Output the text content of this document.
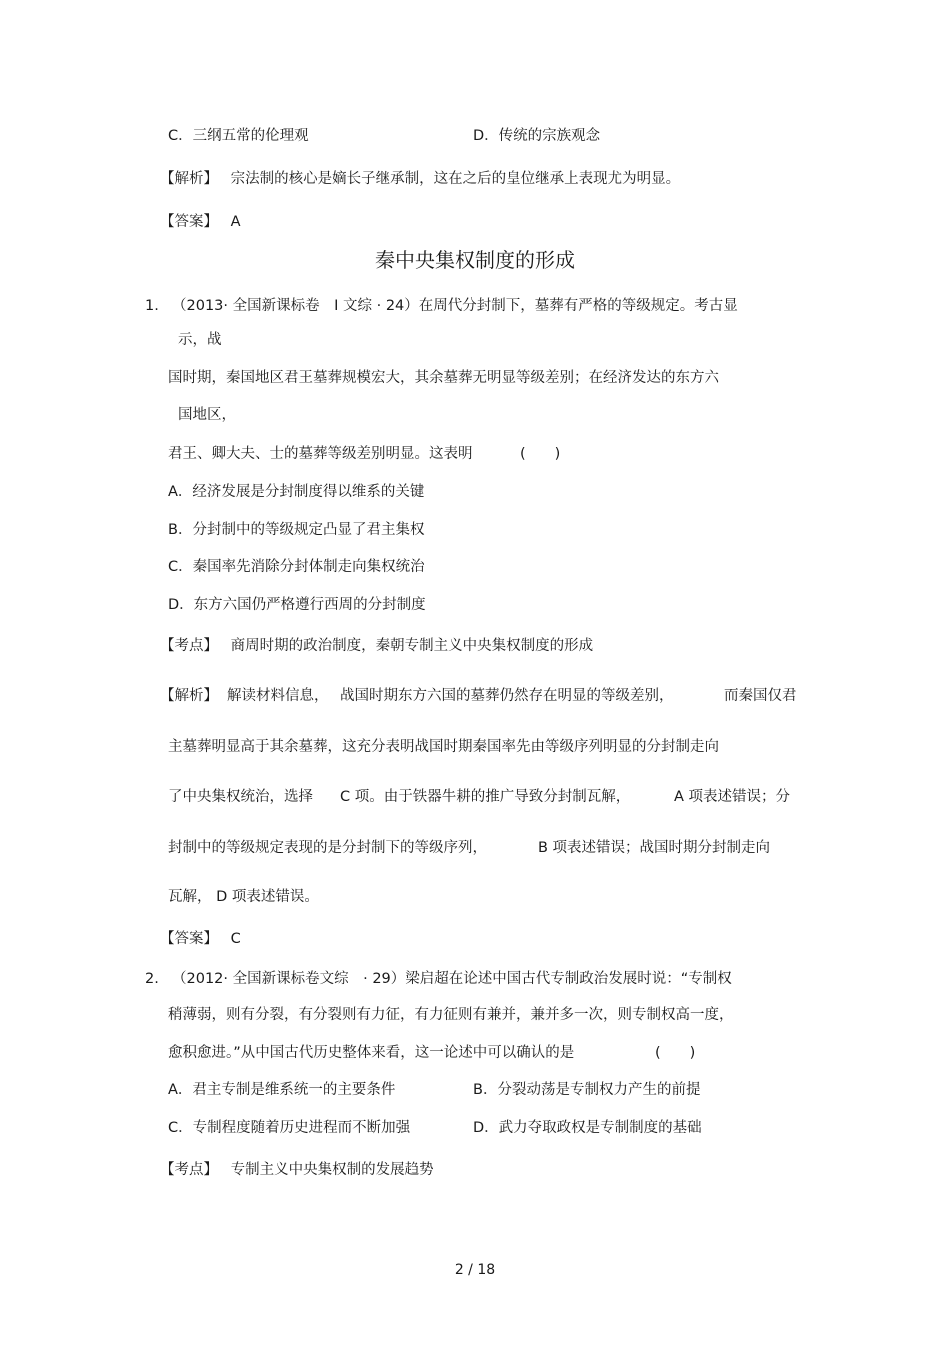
C．三纲五常的伦理观	D．传统的宗族观念
【解析】 宗法制的核心是嫡长子继承制，这在之后的皇位继承上表现尤为明显。
【答案】 A
秦中央集权制度的形成
1. （2013· 全国新课标卷　I 文综 · 24）在周代分封制下，墓葬有严格的等级规定。考古显
示，战
国时期，秦国地区君王墓葬规模宏大，其余墓葬无明显等级差别；在经济发达的东方六
国地区，
君王、卿大夫、士的墓葬等级差别明显。这表明	(　　)
A．经济发展是分封制度得以维系的关键
B．分封制中的等级规定凸显了君主集权
C．秦国率先消除分封体制走向集权统治
D．东方六国仍严格遵行西周的分封制度
【考点】 商周时期的政治制度，秦朝专制主义中央集权制度的形成
【解析】 解读材料信息， 战国时期东方六国的墓葬仍然存在明显的等级差别，	而秦国仅君
主墓葬明显高于其余墓葬，这充分表明战国时期秦国率先由等级序列明显的分封制走向
了中央集权统治，选择 C 项。由于铁器牛耕的推广导致分封制瓦解，	A 项表述错误；分
封制中的等级规定表现的是分封制下的等级序列，	B 项表述错误；战国时期分封制走向
瓦解， D 项表述错误。
【答案】 C
2. （2012· 全国新课标卷文综　· 29）梁启超在论述中国古代专制政治发展时说：“专制权
稍薄弱，则有分裂，有分裂则有力征，有力征则有兼并，兼并多一次，则专制权高一度，
愈积愈进。”从中国古代历史整体来看，这一论述中可以确认的是	(　　)
A．君主专制是维系统一的主要条件	B．分裂动荡是专制权力产生的前提
C．专制程度随着历史进程而不断加强	D．武力夺取政权是专制制度的基础
【考点】 专制主义中央集权制的发展趋势
2 / 18
